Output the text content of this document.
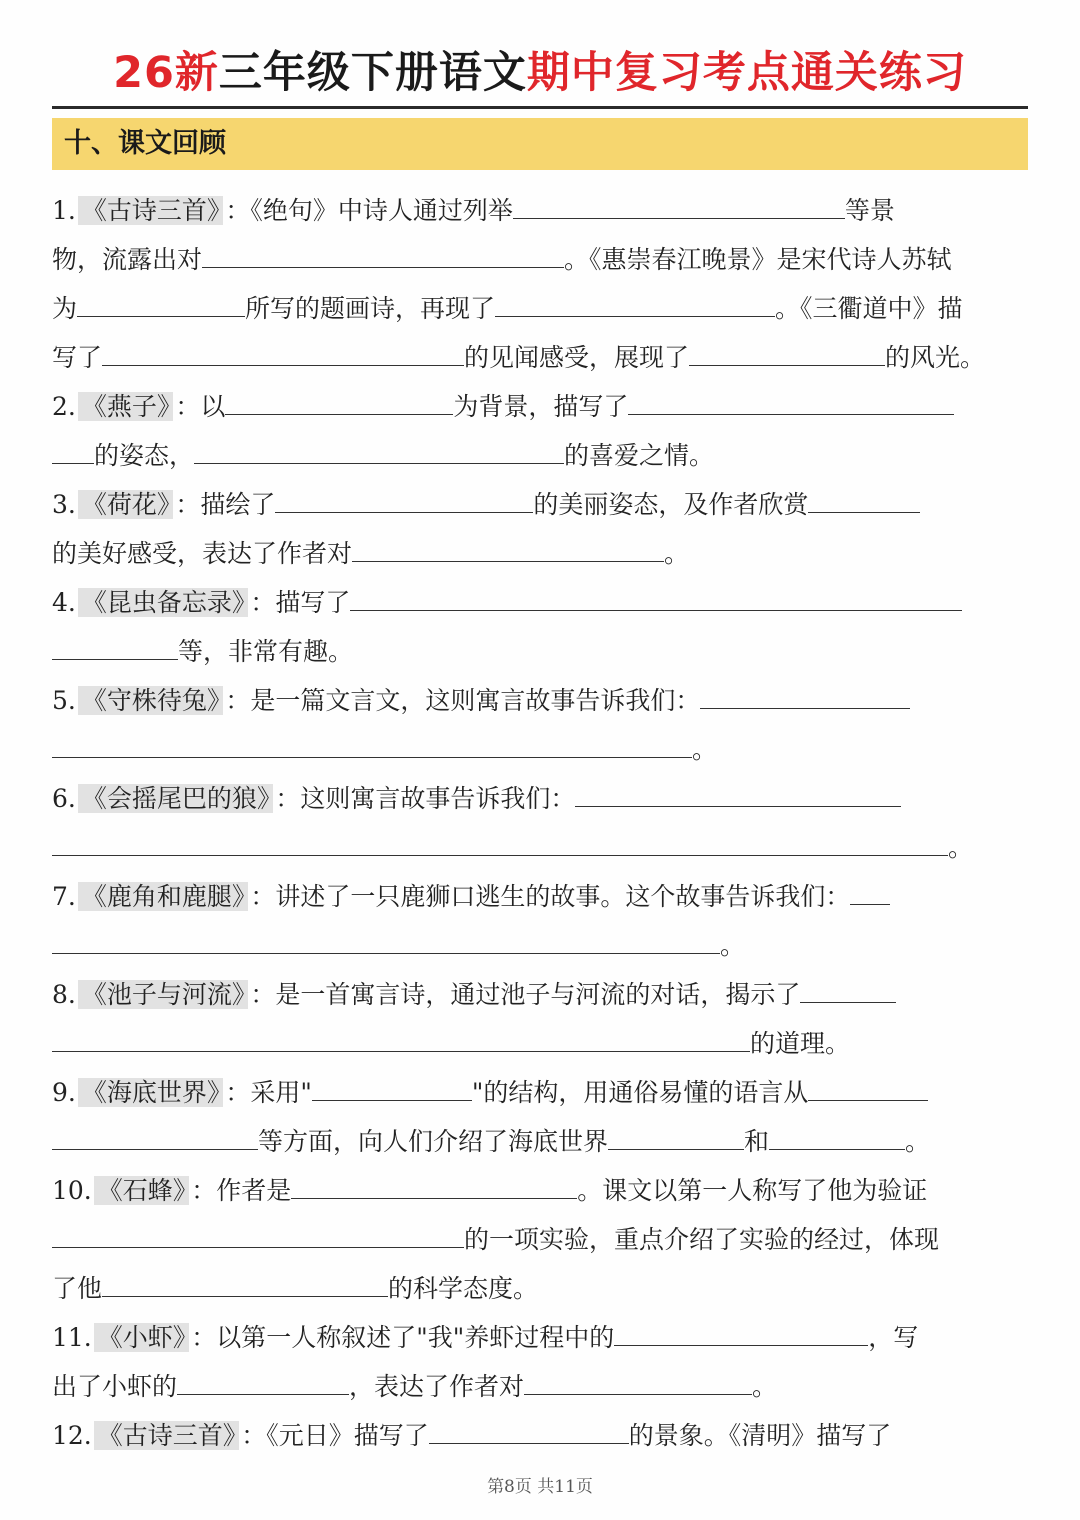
26新三年级下册语文期中复习考点通关练习
十、课文回顾
1. 《古诗三首》 ：《绝句》中诗人通过列举	等景
物，流露出对	。《惠崇春江晚景》是宋代诗人苏轼
为	所写的题画诗，再现了	。《三衢道中》描
写了	的见闻感受，展现了	的风光。
2. 《燕子》 ：以	为背景，描写了
的姿态，	的喜爱之情。
3. 《荷花》 ：描绘了	的美丽姿态，及作者欣赏
的美好感受，表达了作者对	。
4. 《昆虫备忘录》 ：描写了
等，非常有趣。
5. 《守株待兔》 ：是一篇文言文，这则寓言故事告诉我们：
。
6. 《会摇尾巴的狼》 ：这则寓言故事告诉我们：
。
7. 《鹿角和鹿腿》 ：讲述了一只鹿狮口逃生的故事。这个故事告诉我们：
。
8. 《池子与河流》 ：是一首寓言诗，通过池子与河流的对话，揭示了
的道理。
9. 《海底世界》 ：采用"	"的结构，用通俗易懂的语言从
等方面，向人们介绍了海底世界	和	。
10. 《石蜂》 ：作者是	。课文以第一人称写了他为验证
的一项实验，重点介绍了实验的经过，体现
了他	的科学态度。
11. 《小虾》 ：以第一人称叙述了"我"养虾过程中的	，写
出了小虾的	，表达了作者对	。
12. 《古诗三首》 ：《元日》描写了	的景象。《清明》描写了
第8页 共11页
